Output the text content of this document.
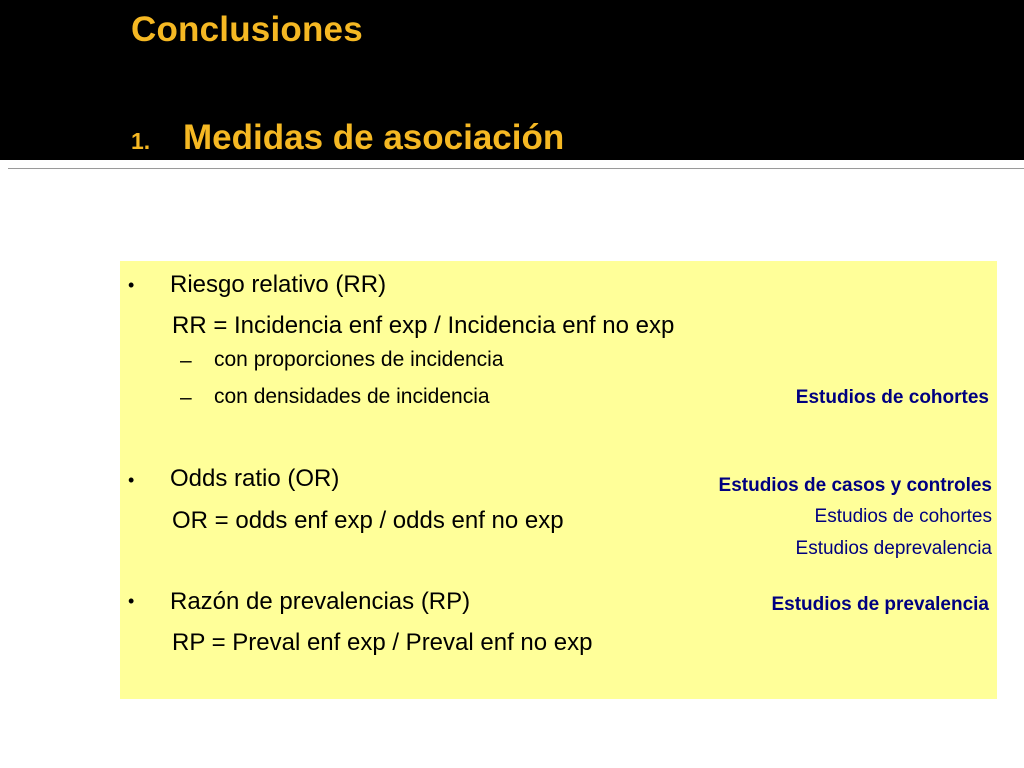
Conclusiones
1. Medidas de asociación
• Riesgo relativo (RR)
RR = Incidencia enf exp / Incidencia enf no exp
– con proporciones de incidencia
– con densidades de incidencia	Estudios de cohortes
• Odds ratio (OR)
OR = odds enf exp / odds enf no exp
Estudios de casos y controles
Estudios de cohortes
Estudios deprevalencia
• Razón de prevalencias (RP)
RP = Preval enf exp / Preval enf no exp
Estudios de prevalencia
